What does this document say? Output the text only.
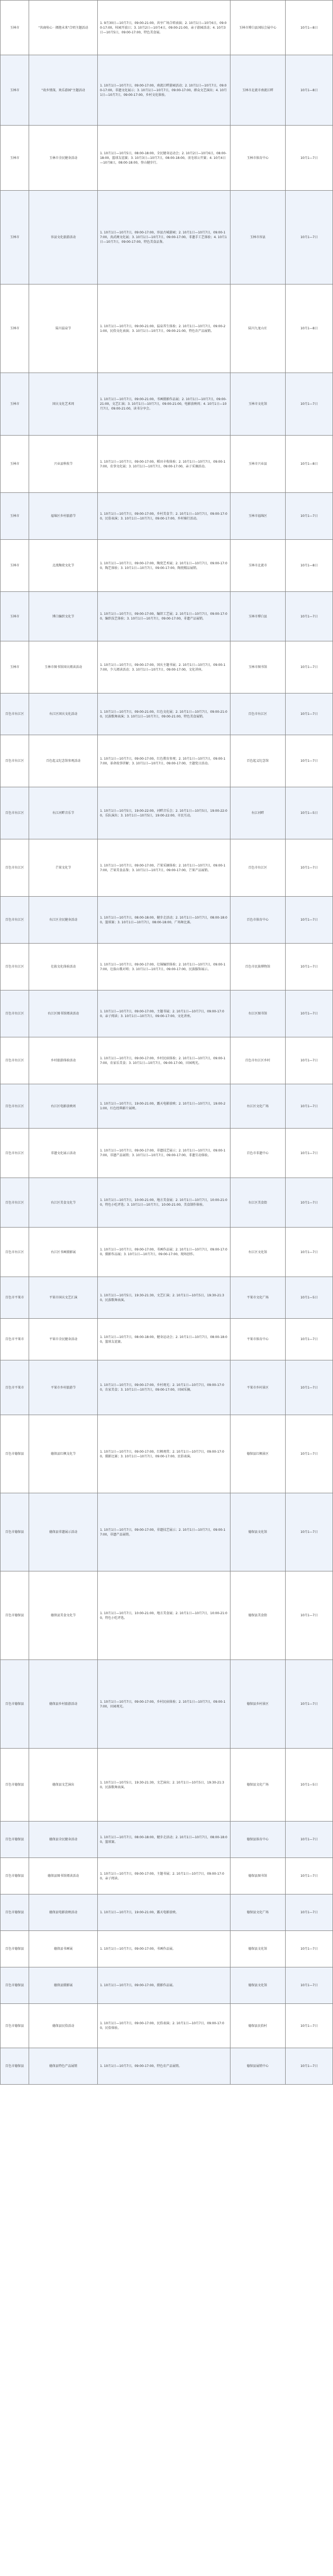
玉林市	"共商桂心 · 拥抱未来"合唱主题活动	1. 9月30日—10月7日，09:00-21:00，共享广场合唱表演；2. 10月1日—10月6日，09:00-17:00，桂园开放日；3. 10月2日—10月4日，09:00-21:00，亲子游园活动；4. 10月3日—10月5日，09:00-17:00，特色美食展。	玉林市博白县国际会展中心	10月1—8日
玉林市	"故乡情深，欢乐游园"主题活动	1. 10月1日—10月7日，09:00-17:00，南流江畔游园活动；2. 10月1日—10月7日，09:00-17:00，非遗文化展示；3. 10月1日—10月7日，09:00-17:00，群众文艺演出；4. 10月1日—10月7日，09:00-17:00，乡村文化体验。	玉林市北流市南流江畔	10月1—8日
玉林市	玉林市全民健身活动	1. 10月1日—10月5日，08:00-18:00，全民健身运动会；2. 10月2日—10月6日，08:00-18:00，篮球友谊赛；3. 10月3日—10月7日，08:00-18:00，羽毛球公开赛；4. 10月4日—10月8日，08:00-18:00，登山健步行。	玉林市体育中心	10月1—7日
玉林市	容县文化旅游活动	1. 10月1日—10月7日，09:00-17:00，容县古城游园；2. 10月1日—10月7日，09:00-17:00，真武阁文化展；3. 10月1日—10月7日，09:00-17:00，非遗手工艺体验；4. 10月1日—10月7日，09:00-17:00，特色美食品鉴。	玉林市容县	10月1—7日
玉林市	陆川温泉节	1. 10月1日—10月7日，09:00-21:00，温泉养生体验；2. 10月1日—10月7日，09:00-21:00，民俗文化表演；3. 10月1日—10月7日，09:00-21:00，特色农产品展销。	陆川九龙山庄	10月1—8日
玉林市	国庆文化艺术周	1. 10月1日—10月7日，09:00-21:00，书画摄影作品展；2. 10月1日—10月7日，09:00-21:00，文艺汇演；3. 10月1日—10月7日，09:00-21:00，电影放映周；4. 10月1日—10月7日，09:00-21:00，读书分享会。	玉林市文化馆	10月1—7日
玉林市	兴业县秋收节	1. 10月1日—10月7日，09:00-17:00，稻田丰收体验；2. 10月1日—10月7日，09:00-17:00，农事文化展；3. 10月1日—10月7日，09:00-17:00，亲子采摘活动。	玉林市兴业县	10月1—8日
玉林市	福绵区乡村旅游节	1. 10月1日—10月7日，09:00-17:00，乡村美食节；2. 10月1日—10月7日，09:00-17:00，民俗表演；3. 10月1日—10月7日，09:00-17:00，乡村骑行活动。	玉林市福绵区	10月1—7日
玉林市	北流陶瓷文化节	1. 10月1日—10月7日，09:00-17:00，陶瓷艺术展；2. 10月1日—10月7日，09:00-17:00，陶艺体验；3. 10月1日—10月7日，09:00-17:00，陶瓷精品展销。	玉林市北流市	10月1—8日
玉林市	博白编织文化节	1. 10月1日—10月7日，09:00-17:00，编织工艺展；2. 10月1日—10月7日，09:00-17:00，编织技艺体验；3. 10月1日—10月7日，09:00-17:00，非遗产品展销。	玉林市博白县	10月1—7日
玉林市	玉林市图书馆国庆阅读活动	1. 10月1日—10月7日，09:00-17:00，国庆主题书展；2. 10月1日—10月7日，09:00-17:00，少儿阅读活动；3. 10月1日—10月7日，09:00-17:00，文化讲座。	玉林市图书馆	10月1—7日
百色市右江区	右江区国庆文化活动	1. 10月1日—10月7日，09:00-21:00，红色文化展；2. 10月1日—10月7日，09:00-21:00，民族歌舞表演；3. 10月1日—10月7日，09:00-21:00，特色美食展销。	百色市右江区	10月1—7日
百色市右江区	百色起义纪念馆参观活动	1. 10月1日—10月7日，09:00-17:00，红色教育参观；2. 10月1日—10月7日，09:00-17:00，革命故事讲解；3. 10月1日—10月7日，09:00-17:00，主题党日活动。	百色起义纪念馆	10月1—7日
百色市右江区	右江河畔音乐节	1. 10月1日—10月5日，19:00-22:00，河畔音乐会；2. 10月1日—10月5日，19:00-22:00，乐队演出；3. 10月1日—10月5日，19:00-22:00，市民互动。	右江河畔	10月1—5日
百色市右江区	芒果文化节	1. 10月1日—10月7日，09:00-17:00，芒果采摘体验；2. 10月1日—10月7日，09:00-17:00，芒果美食品鉴；3. 10月1日—10月7日，09:00-17:00，芒果产品展销。	百色市右江区	10月1—7日
百色市右江区	右江区全民健身活动	1. 10月1日—10月7日，08:00-18:00，健步走活动；2. 10月1日—10月7日，08:00-18:00，篮球赛；3. 10月1日—10月7日，08:00-18:00，广场舞比赛。	百色市体育中心	10月1—7日
百色市右江区	壮族文化体验活动	1. 10月1日—10月7日，09:00-17:00，壮锦编织体验；2. 10月1日—10月7日，09:00-17:00，壮族山歌对唱；3. 10月1日—10月7日，09:00-17:00，民族服饰展示。	百色市民族博物馆	10月1—7日
百色市右江区	右江区图书馆阅读活动	1. 10月1日—10月7日，09:00-17:00，主题书展；2. 10月1日—10月7日，09:00-17:00，亲子阅读；3. 10月1日—10月7日，09:00-17:00，文化讲座。	右江区图书馆	10月1—7日
百色市右江区	乡村旅游体验活动	1. 10月1日—10月7日，09:00-17:00，乡村民宿体验；2. 10月1日—10月7日，09:00-17:00，农家乐美食；3. 10月1日—10月7日，09:00-17:00，田园观光。	百色市右江区乡村	10月1—7日
百色市右江区	右江区电影放映周	1. 10月1日—10月7日，19:00-21:00，露天电影放映；2. 10月1日—10月7日，19:00-21:00，红色经典影片展映。	右江区文化广场	10月1—7日
百色市右江区	非遗文化展示活动	1. 10月1日—10月7日，09:00-17:00，非遗技艺展示；2. 10月1日—10月7日，09:00-17:00，非遗产品展销；3. 10月1日—10月7日，09:00-17:00，非遗互动体验。	百色市非遗中心	10月1—7日
百色市右江区	右江区美食文化节	1. 10月1日—10月7日，10:00-21:00，地方美食展；2. 10月1日—10月7日，10:00-21:00，特色小吃评选；3. 10月1日—10月7日，10:00-21:00，美食制作体验。	右江区美食街	10月1—7日
百色市右江区	右江区书画摄影展	1. 10月1日—10月7日，09:00-17:00，书画作品展；2. 10月1日—10月7日，09:00-17:00，摄影作品展；3. 10月1日—10月7日，09:00-17:00，现场创作。	右江区文化馆	10月1—7日
百色市平果市	平果市国庆文艺汇演	1. 10月1日—10月5日，19:30-21:30，文艺汇演；2. 10月1日—10月5日，19:30-21:30，民族歌舞表演。	平果市文化广场	10月1—5日
百色市平果市	平果市全民健身活动	1. 10月1日—10月7日，08:00-18:00，健身运动会；2. 10月1日—10月7日，08:00-18:00，篮球友谊赛。	平果市体育中心	10月1—7日
百色市平果市	平果市乡村旅游节	1. 10月1日—10月7日，09:00-17:00，乡村观光；2. 10月1日—10月7日，09:00-17:00，农家美食；3. 10月1日—10月7日，09:00-17:00，田园采摘。	平果市乡村景区	10月1—7日
百色市德保县	德保县红枫文化节	1. 10月1日—10月7日，09:00-17:00，红枫观赏；2. 10月1日—10月7日，09:00-17:00，摄影比赛；3. 10月1日—10月7日，09:00-17:00，民俗表演。	德保县红枫景区	10月1—7日
百色市德保县	德保县非遗展示活动	1. 10月1日—10月7日，09:00-17:00，非遗技艺展示；2. 10月1日—10月7日，09:00-17:00，非遗产品展销。	德保县文化馆	10月1—7日
百色市德保县	德保县美食文化节	1. 10月1日—10月7日，10:00-21:00，地方美食展；2. 10月1日—10月7日，10:00-21:00，特色小吃评选。	德保县美食街	10月1—7日
百色市德保县	德保县乡村旅游活动	1. 10月1日—10月7日，09:00-17:00，乡村民宿体验；2. 10月1日—10月7日，09:00-17:00，田园观光。	德保县乡村景区	10月1—7日
百色市德保县	德保县文艺演出	1. 10月1日—10月5日，19:30-21:30，文艺演出；2. 10月1日—10月5日，19:30-21:30，民族歌舞表演。	德保县文化广场	10月1—5日
百色市德保县	德保县全民健身活动	1. 10月1日—10月7日，08:00-18:00，健步走活动；2. 10月1日—10月7日，08:00-18:00，篮球赛。	德保县体育中心	10月1—7日
百色市德保县	德保县图书馆阅读活动	1. 10月1日—10月7日，09:00-17:00，主题书展；2. 10月1日—10月7日，09:00-17:00，亲子阅读。	德保县图书馆	10月1—7日
百色市德保县	德保县电影放映活动	1. 10月1日—10月7日，19:00-21:00，露天电影放映。	德保县文化广场	10月1—7日
百色市德保县	德保县书画展	1. 10月1日—10月7日，09:00-17:00，书画作品展。	德保县文化馆	10月1—7日
百色市德保县	德保县摄影展	1. 10月1日—10月7日，09:00-17:00，摄影作品展。	德保县文化馆	10月1—7日
百色市德保县	德保县民俗活动	1. 10月1日—10月7日，09:00-17:00，民俗表演；2. 10月1日—10月7日，09:00-17:00，民俗体验。	德保县民俗村	10月1—7日
百色市德保县	德保县特色产品展销	1. 10月1日—10月7日，09:00-17:00，特色农产品展销。	德保县展销中心	10月1—7日
